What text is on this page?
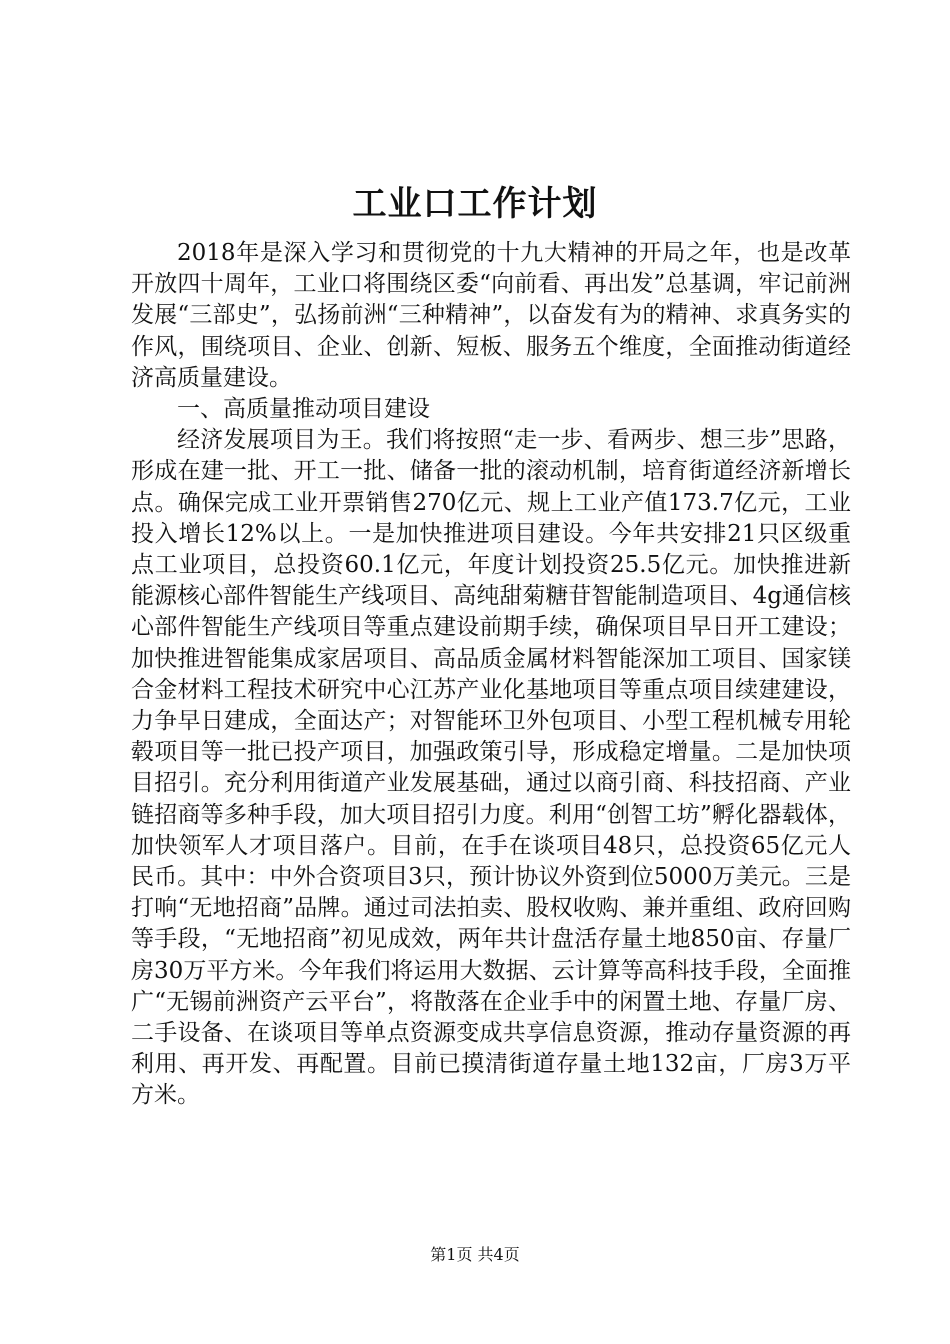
工业口工作计划

2018年是深入学习和贯彻党的十九大精神的开局之年，也是改革开放四十周年，工业口将围绕区委“向前看、再出发”总基调，牢记前洲发展“三部史”，弘扬前洲“三种精神”，以奋发有为的精神、求真务实的作风，围绕项目、企业、创新、短板、服务五个维度，全面推动街道经济高质量建设。

一、高质量推动项目建设

经济发展项目为王。我们将按照“走一步、看两步、想三步”思路，形成在建一批、开工一批、储备一批的滚动机制，培育街道经济新增长点。确保完成工业开票销售270亿元、规上工业产值173.7亿元，工业投入增长12%以上。一是加快推进项目建设。今年共安排21只区级重点工业项目，总投资60.1亿元，年度计划投资25.5亿元。加快推进新能源核心部件智能生产线项目、高纯甜菊糖苷智能制造项目、4g通信核心部件智能生产线项目等重点建设前期手续，确保项目早日开工建设；加快推进智能集成家居项目、高品质金属材料智能深加工项目、国家镁合金材料工程技术研究中心江苏产业化基地项目等重点项目续建建设，力争早日建成，全面达产；对智能环卫外包项目、小型工程机械专用轮毂项目等一批已投产项目，加强政策引导，形成稳定增量。二是加快项目招引。充分利用街道产业发展基础，通过以商引商、科技招商、产业链招商等多种手段，加大项目招引力度。利用“创智工坊”孵化器载体，加快领军人才项目落户。目前，在手在谈项目48只，总投资65亿元人民币。其中：中外合资项目3只，预计协议外资到位5000万美元。三是打响“无地招商”品牌。通过司法拍卖、股权收购、兼并重组、政府回购等手段，“无地招商”初见成效，两年共计盘活存量土地850亩、存量厂房30万平方米。今年我们将运用大数据、云计算等高科技手段，全面推广“无锡前洲资产云平台”，将散落在企业手中的闲置土地、存量厂房、二手设备、在谈项目等单点资源变成共享信息资源，推动存量资源的再利用、再开发、再配置。目前已摸清街道存量土地132亩，厂房3万平方米。

第1页 共4页
